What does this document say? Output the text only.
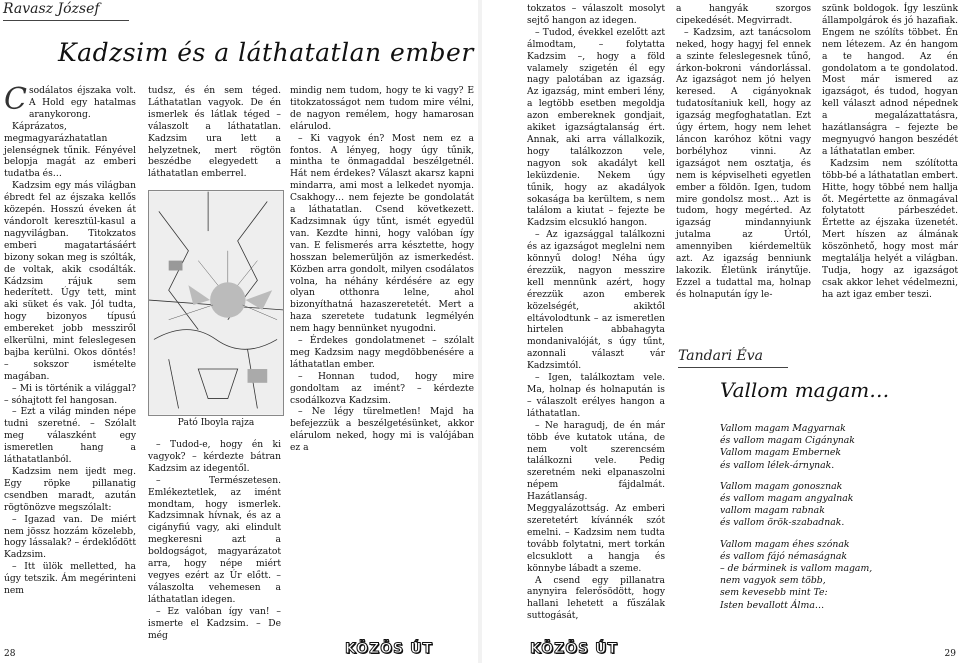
Ravasz József
Kadzsim és a láthatatlan ember

Csodálatos éjszaka volt. A Hold egy hatalmas aranykorong.

Káprázatos, megmagyarázhatatlan jelenségnek tűnik. Fényével belopja magát az emberi tudatba és…

Kadzsim egy más világban ébredt fel az éjszaka kellős közepén. Hosszú éveken át vándorolt keresztül-kasul a nagyvilágban. Titokzatos emberi magatartásáért bizony sokan meg is szólták, de voltak, akik csodálták. Kádzsim rájuk sem hederített. Úgy tett, mint aki süket és vak. Jól tudta, hogy bizonyos típusú embereket jobb messziről elkerülni, mint feleslegesen bajba kerülni. Okos döntés! – sokszor ismételte magában.

– Mi is történik a világgal? – sóhajtott fel hangosan.

– Ezt a világ minden népe tudni szeretné. – Szólalt meg válaszként egy ismeretlen hang a láthatatlanból.

Kadzsim nem ijedt meg. Egy röpke pillanatig csendben maradt, azután rögtönözve megszólalt:

– Igazad van. De miért nem jössz hozzám közelebb, hogy lássalak? – érdeklődött Kadzsim.

– Itt ülök melletted, ha úgy tetszik. Ám megérinteni nem

tudsz, és én sem téged. Láthatatlan vagyok. De én ismerlek és látlak téged – válaszolt a láthatatlan. Kadzsim ura lett a helyzetnek, mert rögtön beszédbe elegyedett a láthatatlan emberrel.

mindig nem tudom, hogy te ki vagy? E titokzatosságot nem tudom mire vélni, de nagyon remélem, hogy hamarosan elárulod.

– Ki vagyok én? Most nem ez a fontos. A lényeg, hogy úgy tűnik, mintha te önmagaddal beszélgetnél. Hát nem érdekes? Választ akarsz kapni mindarra, ami most a lelkedet nyomja. Csakhogy… nem fejezte be gondolatát a láthatatlan. Csend következett. Kadzsimnak úgy tűnt, ismét egyedül van. Kezdte hinni, hogy valóban így van. E felismerés arra késztette, hogy hosszan belemerüljön az ismerkedést. Közben arra gondolt, milyen csodálatos volna, ha néhány kérdésére az egy olyan otthonra lelne, ahol bizonyíthatná hazaszeretetét. Mert a haza szeretete tudatunk legmélyén nem hagy bennünket nyugodni.

– Érdekes gondolatmenet – szólalt meg Kadzsim nagy megdöbbenésére a láthatatlan ember.

– Honnan tudod, hogy mire gondoltam az imént? – kérdezte csodálkozva Kadzsim.

– Ne légy türelmetlen! Majd ha befejezzük a beszélgetésünket, akkor elárulom neked, hogy mi is valójában ez a

Pató Iboyla rajza

– Tudod-e, hogy én ki vagyok? – kérdezte bátran Kadzsim az idegentől.

– Természetesen. Emlékeztetlek, az imént mondtam, hogy ismerlek. Kadzsimnak hívnak, és az a cigányfiú vagy, aki elindult megkeresni azt a boldogságot, magyarázatot arra, hogy népe miért vegyes ezért az Úr előtt. – válaszolta vehemesen a láthatatlan idegen.

– Ez valóban így van! – ismerte el Kadzsim. – De még

28	KÖZÖS ÚT

tokzatos – válaszolt mosolyt sejtő hangon az idegen.

– Tudod, évekkel ezelőtt azt álmodtam, – folytatta Kadzsim –, hogy a föld valamely szigetén él egy nagy palotában az igazság. Az igazság, mint emberi lény, a legtöbb esetben megoldja azon embereknek gondjait, akiket igazságtalanság ért. Annak, aki arra vállalkozik, hogy találkozzon vele, nagyon sok akadályt kell leküzdenie. Nekem úgy tűnik, hogy az akadályok sokasága ba kerültem, s nem találom a kiutat – fejezte be Kadzsim elcsukló hangon.

– Az igazsággal találkozni és az igazságot meglelni nem könnyű dolog! Néha úgy érezzük, nagyon messzire kell mennünk azért, hogy érezzük azon emberek közelségét, akiktől eltávolodtunk – az ismeretlen hirtelen abbahagyta mondanivalóját, s úgy tűnt, azonnali választ vár Kadzsimtól.

– Igen, találkoztam vele. Ma, holnap és holnapután is – válaszolt erélyes hangon a láthatatlan.

– Ne haragudj, de én már több éve kutatok utána, de nem volt szerencsém találkozni vele. Pedig szeretném neki elpanaszolni népem fájdalmát. Hazátlanság. Meggyalázottság. Az emberi szeretetért kívánnék szót emelni. – Kadzsim nem tudta tovább folytatni, mert torkán elcsuklott a hangja és könnybe lábadt a szeme.

A csend egy pillanatra anynyira felerősödött, hogy hallani lehetett a fűszálak suttogását,

a hangyák szorgos cipekedését. Megvirradt.

– Kadzsim, azt tanácsolom neked, hogy hagyj fel ennek a szinte feleslegesnek tűnő, árkon-bokroni vándorlással. Az igazságot nem jó helyen keresed. A cigányoknak tudatosítaniuk kell, hogy az igazság megfoghatatlan. Ezt úgy értem, hogy nem lehet láncon karóhoz kötni vagy borbélyhoz vinni. Az igazságot nem osztatja, és nem is képviselheti egyetlen ember a földön. Igen, tudom mire gondolsz most… Azt is tudom, hogy megérted. Az igazság mindannyiunk jutalma az Úrtól, amennyiben kiérdemeltük azt. Az igazság benniunk lakozik. Életünk iránytűje. Ezzel a tudattal ma, holnap és holnapután így le-

szünk boldogok. Így leszünk állampolgárok és jó hazafiak. Engem ne szólíts többet. Én nem létezem. Az én hangom a te hangod. Az én gondolatom a te gondolatod. Most már ismered az igazságot, és tudod, hogyan kell választ adnod népednek a megalázattatásra, hazátlanságra – fejezte be megnyugvó hangon beszédét a láthatatlan ember.

Kadzsim nem szólította több-bé a láthatatlan embert. Hitte, hogy többé nem hallja őt. Megértette az önmagával folytatott párbeszédet. Értette az éjszaka üzenetét. Mert híszen az álmának köszönhető, hogy most már megtalálja helyét a világban. Tudja, hogy az igazságot csak akkor lehet védelmezni, ha azt igaz ember teszi.

Tandari Éva
Vallom magam…
Vallom magam Magyarnak
és vallom magam Cigánynak
Vallom magam Embernek
és vallom lélek-árnynak.
Vallom magam gonosznak
és vallom magam angyalnak
vallom magam rabnak
és vallom örök-szabadnak.
Vallom magam éhes szónak
és vallom fájó némaságnak
– de bárminek is vallom magam,
nem vagyok sem több,
sem kevesebb mint Te:
Isten bevallott Álma…
KÖZÖS ÚT	29
